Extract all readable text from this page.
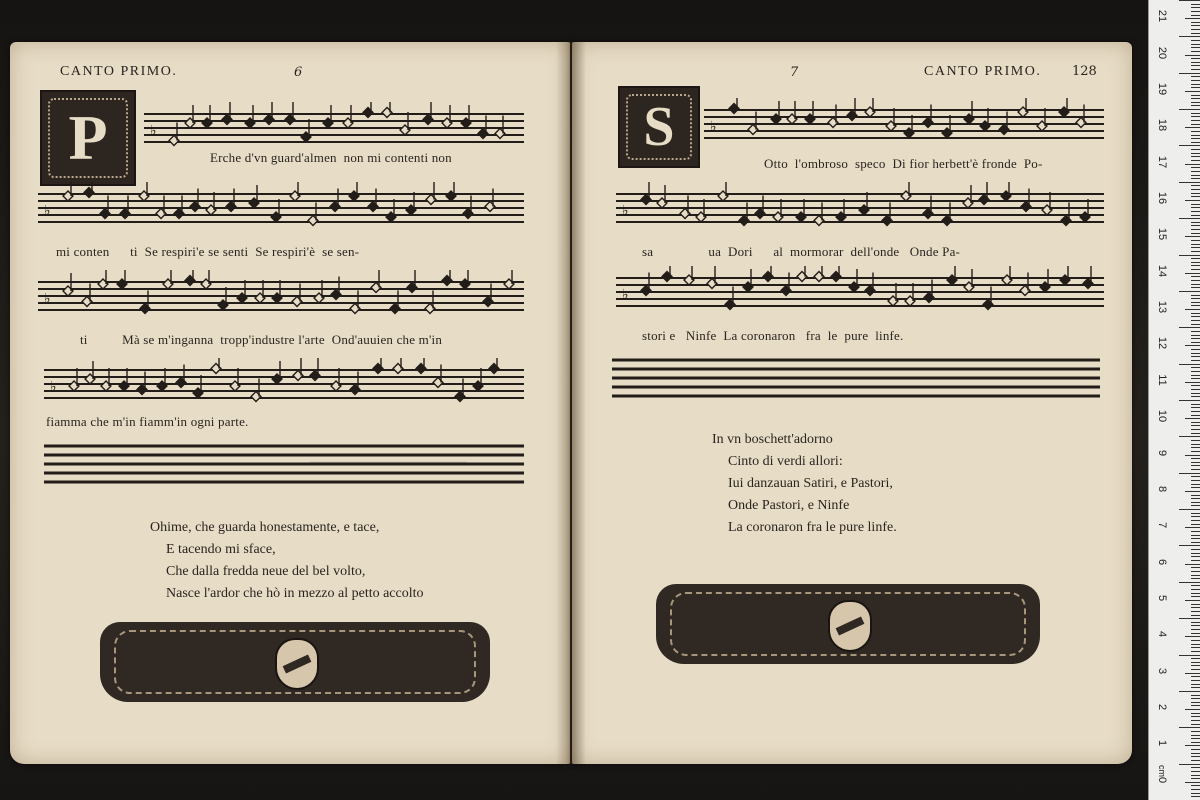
▔▔▔▔▔▔▔▔▔▔▔▔▔▔▔▔▔
CANTO PRIMO.	6
P	♭
Erche d'vn guard'almen  non mi contenti non
♭
mi conten      ti  Se respiri'e se senti  Se respiri'è  se sen-
♭
ti          Mà se m'inganna  tropp'industre l'arte  Ond'auuien che m'in
♭
fiamma che m'in fiamm'in ogni parte.
Ohime, che guarda honestamente, e tace,
E tacendo mi sface,
Che dalla fredda neue del bel volto,
Nasce l'ardor che hò in mezzo al petto accolto
CANTO PRIMO.
7	128
S	♭
Otto  l'ombroso  speco  Di fior herbett'è fronde  Po-
♭
sa                ua  Dori      al  mormorar  dell'onde   Onde Pa-
♭
stori e   Ninfe  La coronaron   fra  le  pure  linfe.
In vn boschett'adorno
Cinto di verdi allori:
Iui danzauan Satiri, e Pastori,
Onde Pastori, e Ninfe
La coronaron fra le pure linfe.
21
20
19
18
17
16
15
14
13
12
11
10
9
8
7
6
5
4
3
2
1
0
cm
